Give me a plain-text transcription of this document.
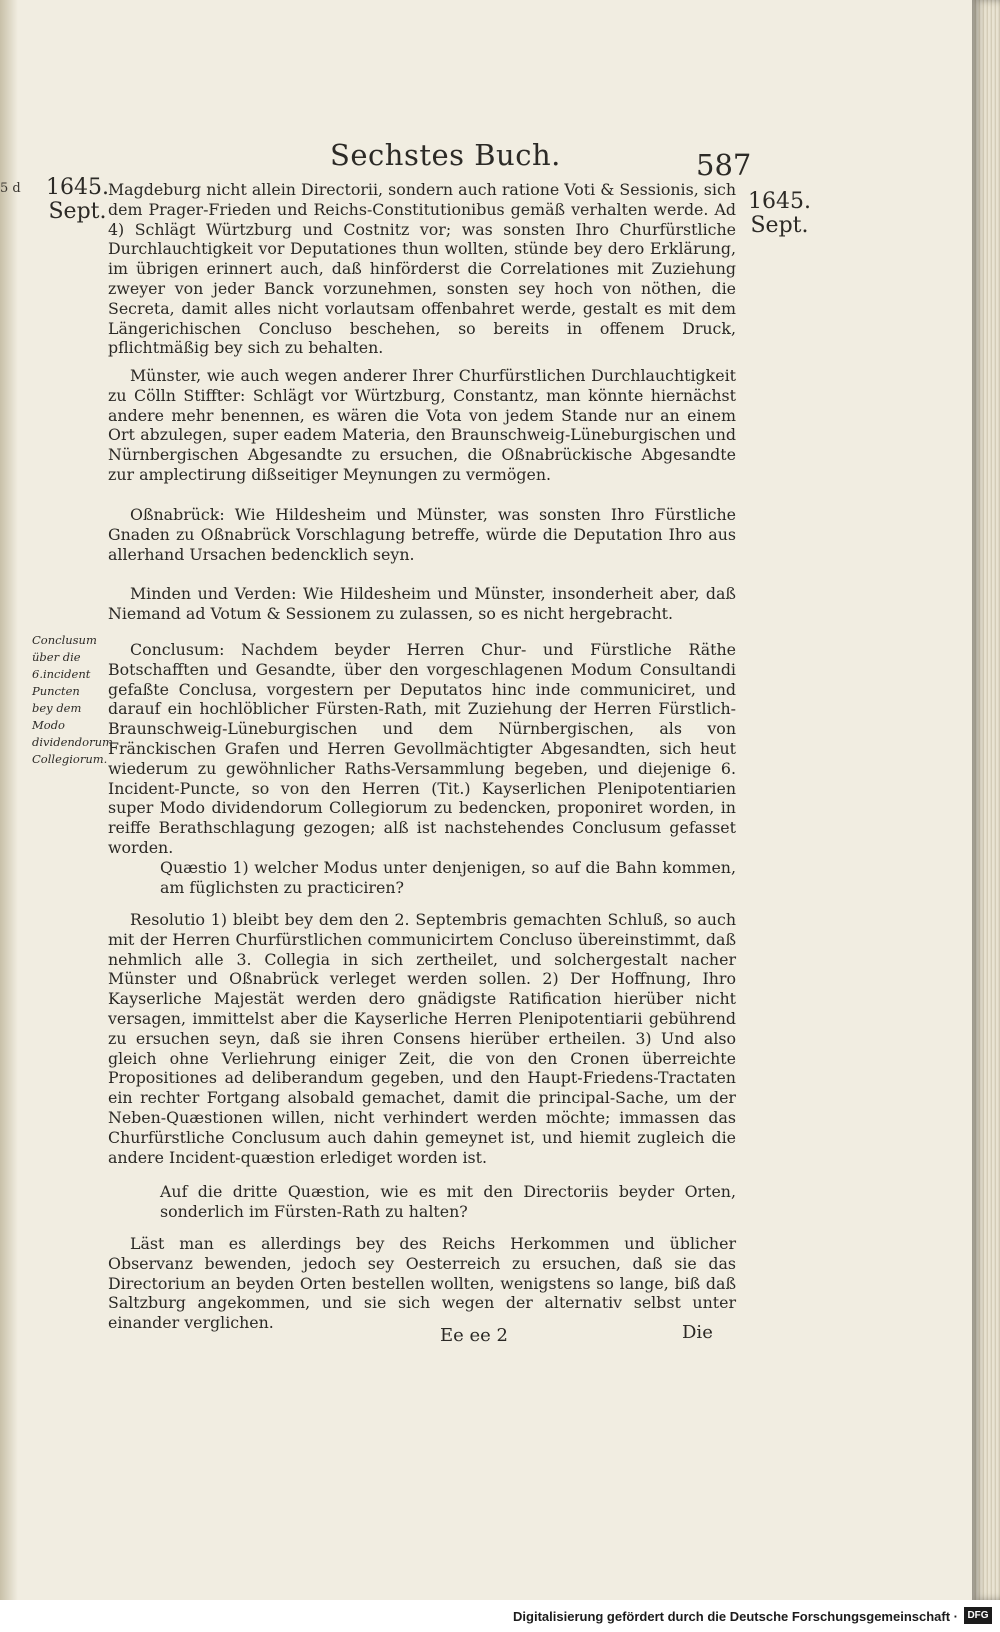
Sechstes Buch.	587
5 d 1645.
Sept.	1645.
Sept.
Conclusum über die 6.incident Puncten bey dem Modo dividendorum Collegiorum.

Magdeburg nicht allein Directorii, sondern auch ratione Voti & Sessionis, sich dem Prager-Frieden und Reichs-Constitutionibus gemäß verhalten werde. Ad 4) Schlägt Würtzburg und Costnitz vor; was sonsten Ihro Churfürstliche Durchlauchtigkeit vor Deputationes thun wollten, stünde bey dero Erklärung, im übrigen erinnert auch, daß hinförderst die Correlationes mit Zuziehung zweyer von jeder Banck vorzunehmen, sonsten sey hoch von nöthen, die Secreta, damit alles nicht vorlautsam offenbahret werde, gestalt es mit dem Längerichischen Concluso beschehen, so bereits in offenem Druck, pflichtmäßig bey sich zu behalten.

Münster, wie auch wegen anderer Ihrer Churfürstlichen Durchlauchtigkeit zu Cölln Stiffter: Schlägt vor Würtzburg, Constantz, man könnte hiernächst andere mehr benennen, es wären die Vota von jedem Stande nur an einem Ort abzulegen, super eadem Materia, den Braunschweig-Lüneburgischen und Nürnbergischen Abgesandte zu ersuchen, die Oßnabrückische Abgesandte zur amplectirung dißseitiger Meynungen zu vermögen.

Oßnabrück: Wie Hildesheim und Münster, was sonsten Ihro Fürstliche Gnaden zu Oßnabrück Vorschlagung betreffe, würde die Deputation Ihro aus allerhand Ursachen bedencklich seyn.

Minden und Verden: Wie Hildesheim und Münster, insonderheit aber, daß Niemand ad Votum & Sessionem zu zulassen, so es nicht hergebracht.

Conclusum: Nachdem beyder Herren Chur- und Fürstliche Räthe Botschafften und Gesandte, über den vorgeschlagenen Modum Consultandi gefaßte Conclusa, vorgestern per Deputatos hinc inde communiciret, und darauf ein hochlöblicher Fürsten-Rath, mit Zuziehung der Herren Fürstlich-Braunschweig-Lüneburgischen und dem Nürnbergischen, als von Fränckischen Grafen und Herren Gevollmächtigter Abgesandten, sich heut wiederum zu gewöhnlicher Raths-Versammlung begeben, und diejenige 6. Incident-Puncte, so von den Herren (Tit.) Kayserlichen Plenipotentiarien super Modo dividendorum Collegiorum zu bedencken, proponiret worden, in reiffe Berathschlagung gezogen; alß ist nachstehendes Conclusum gefasset worden.

Quæstio 1) welcher Modus unter denjenigen, so auf die Bahn kommen, am füglichsten zu practiciren?

Resolutio 1) bleibt bey dem den 2. Septembris gemachten Schluß, so auch mit der Herren Churfürstlichen communicirtem Concluso übereinstimmt, daß nehmlich alle 3. Collegia in sich zertheilet, und solchergestalt nacher Münster und Oßnabrück verleget werden sollen. 2) Der Hoffnung, Ihro Kayserliche Majestät werden dero gnädigste Ratification hierüber nicht versagen, immittelst aber die Kayserliche Herren Plenipotentiarii gebührend zu ersuchen seyn, daß sie ihren Consens hierüber ertheilen. 3) Und also gleich ohne Verliehrung einiger Zeit, die von den Cronen überreichte Propositiones ad deliberandum gegeben, und den Haupt-Friedens-Tractaten ein rechter Fortgang alsobald gemachet, damit die principal-Sache, um der Neben-Quæstionen willen, nicht verhindert werden möchte; immassen das Churfürstliche Conclusum auch dahin gemeynet ist, und hiemit zugleich die andere Incident-quæstion erlediget worden ist.

Auf die dritte Quæstion, wie es mit den Directoriis beyder Orten, sonderlich im Fürsten-Rath zu halten?

Läst man es allerdings bey des Reichs Herkommen und üblicher Observanz bewenden, jedoch sey Oesterreich zu ersuchen, daß sie das Directorium an beyden Orten bestellen wollten, wenigstens so lange, biß daß Saltzburg angekommen, und sie sich wegen der alternativ selbst unter einander verglichen.

Ee ee 2	Die
Digitalisierung gefördert durch die Deutsche Forschungsgemeinschaft · DFG
